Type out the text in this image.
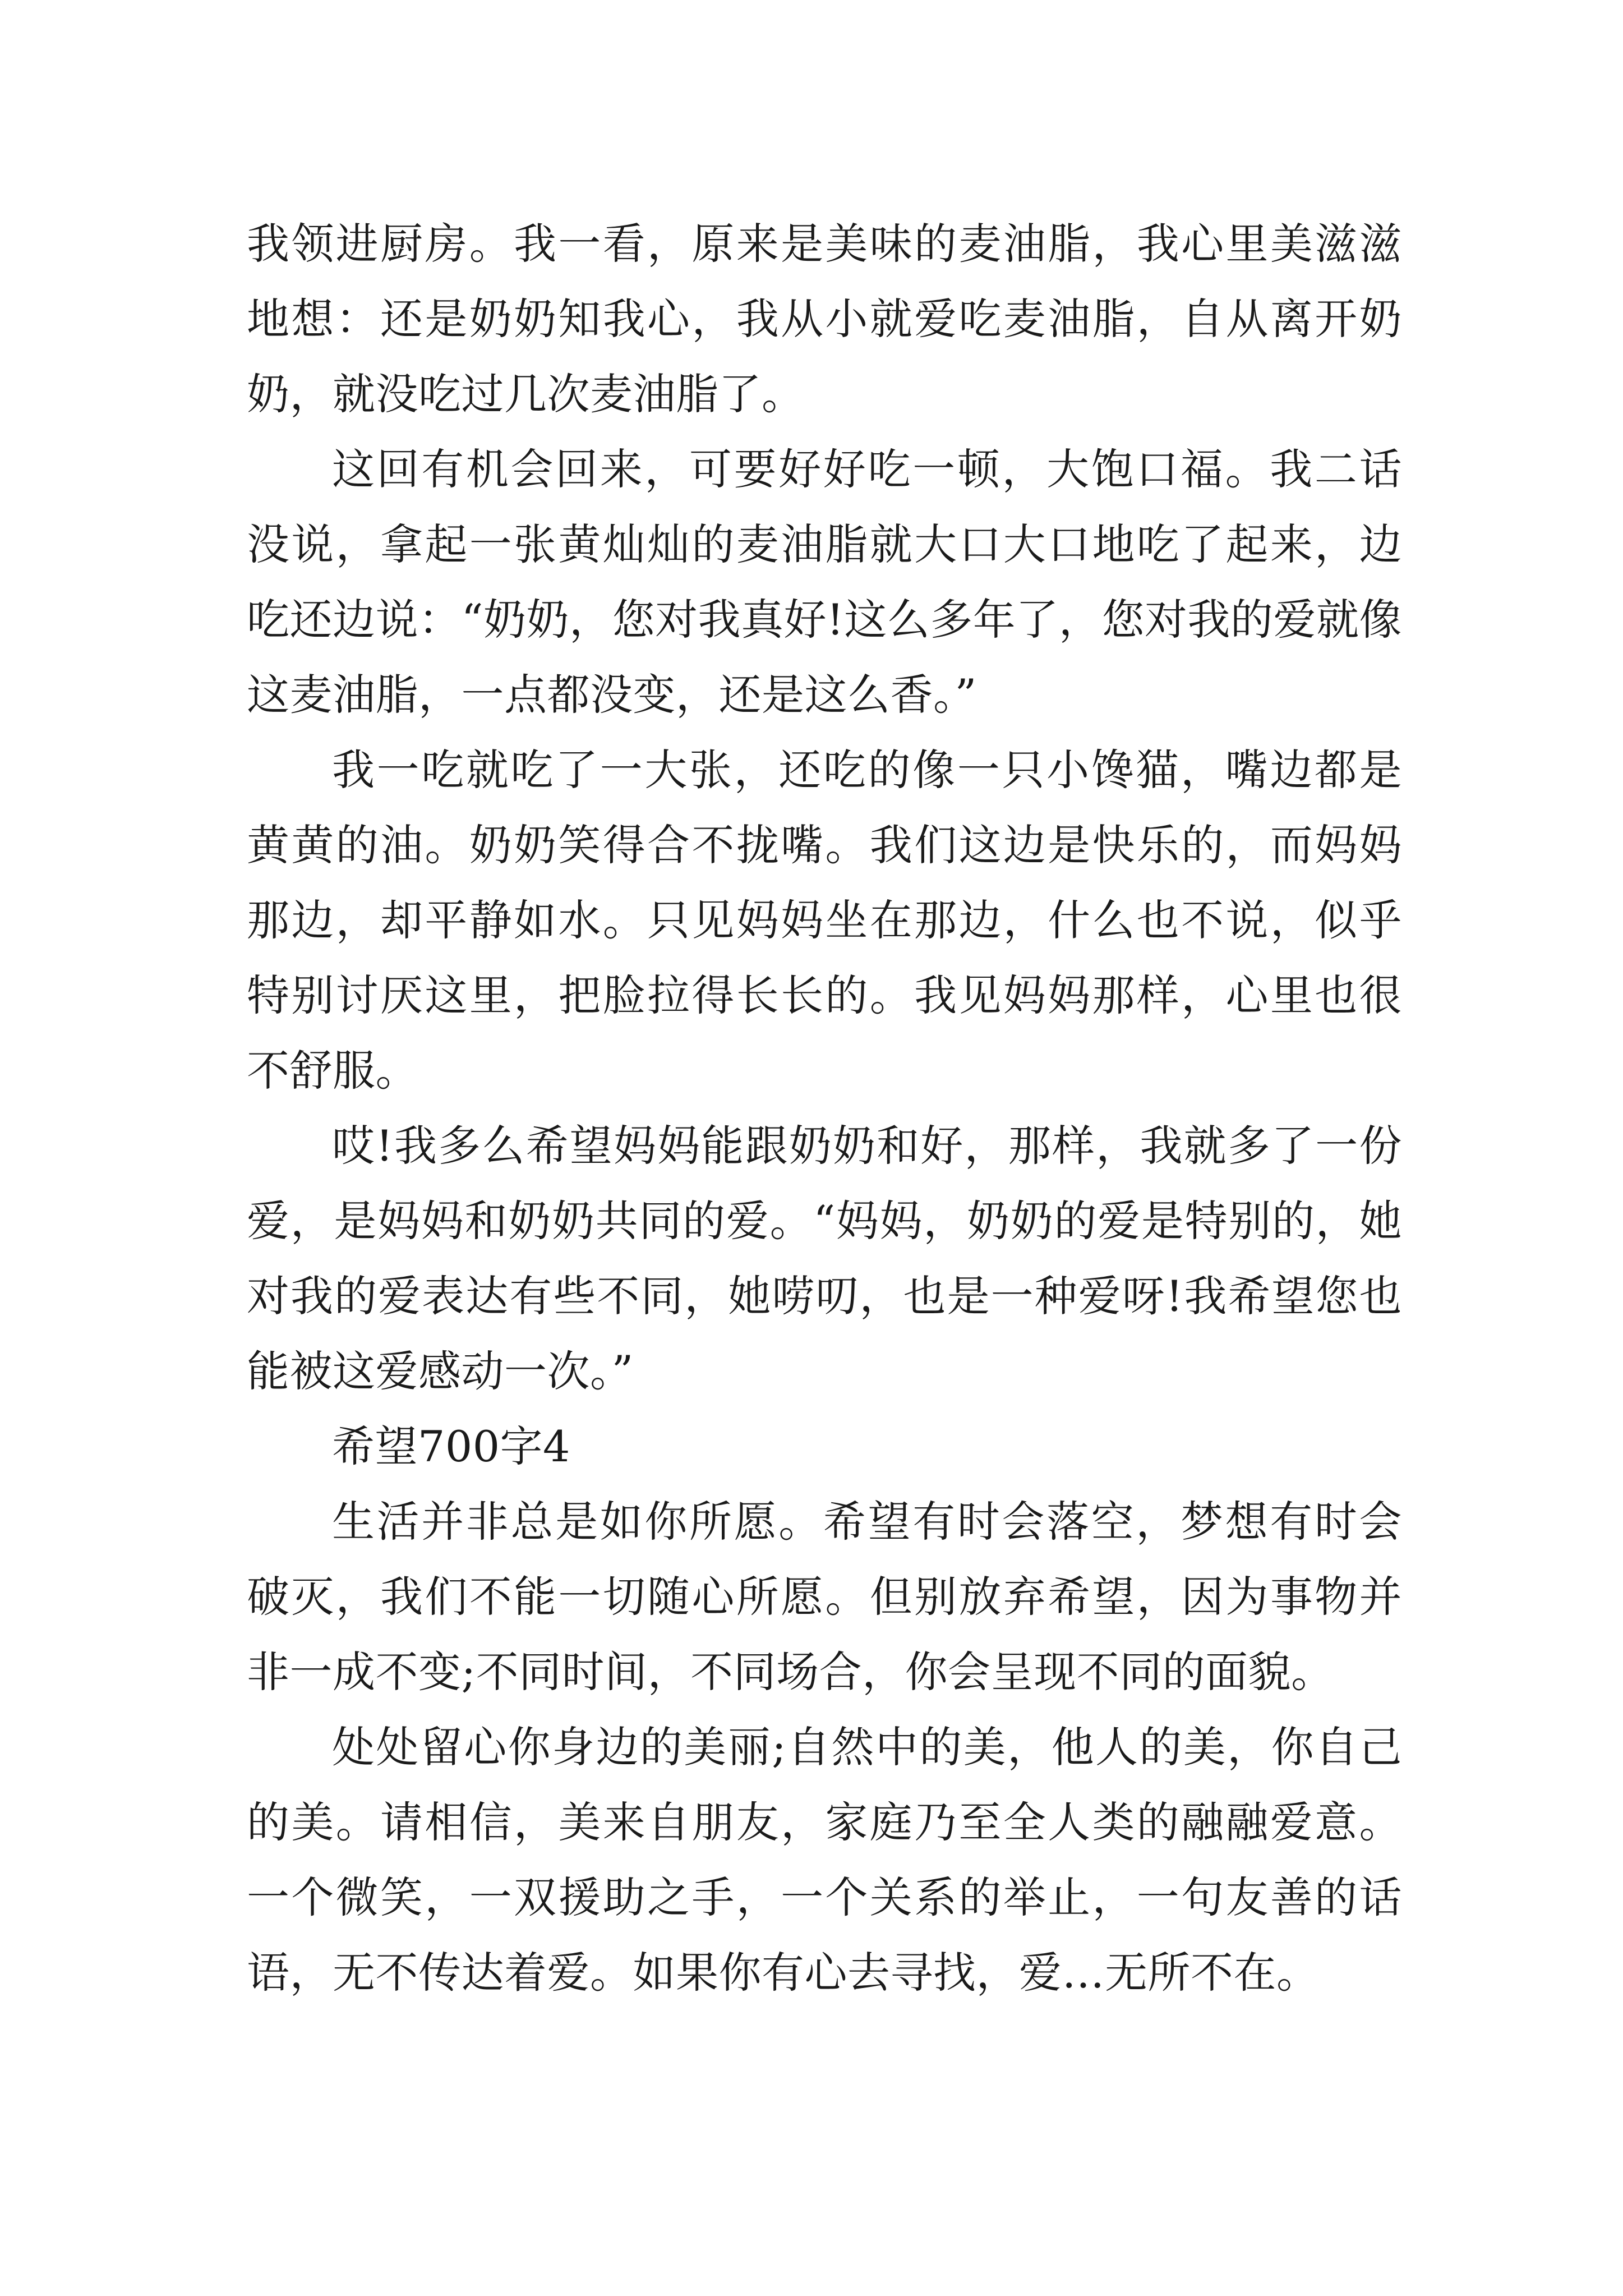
我领进厨房。我一看，原来是美味的麦油脂，我心里美滋滋地想：还是奶奶知我心，我从小就爱吃麦油脂，自从离开奶奶，就没吃过几次麦油脂了。

这回有机会回来，可要好好吃一顿，大饱口福。我二话没说，拿起一张黄灿灿的麦油脂就大口大口地吃了起来，边吃还边说：“奶奶，您对我真好!这么多年了，您对我的爱就像这麦油脂，一点都没变，还是这么香。”

我一吃就吃了一大张，还吃的像一只小馋猫，嘴边都是黄黄的油。奶奶笑得合不拢嘴。我们这边是快乐的，而妈妈那边，却平静如水。只见妈妈坐在那边，什么也不说，似乎特别讨厌这里，把脸拉得长长的。我见妈妈那样，心里也很不舒服。

哎!我多么希望妈妈能跟奶奶和好，那样，我就多了一份爱，是妈妈和奶奶共同的爱。“妈妈，奶奶的爱是特别的，她对我的爱表达有些不同，她唠叨，也是一种爱呀!我希望您也能被这爱感动一次。”

希望700字4

生活并非总是如你所愿。希望有时会落空，梦想有时会破灭，我们不能一切随心所愿。但别放弃希望，因为事物并非一成不变;不同时间，不同场合，你会呈现不同的面貌。

处处留心你身边的美丽;自然中的美，他人的美，你自己的美。请相信，美来自朋友，家庭乃至全人类的融融爱意。一个微笑，一双援助之手，一个关系的举止，一句友善的话语，无不传达着爱。如果你有心去寻找，爱…无所不在。
